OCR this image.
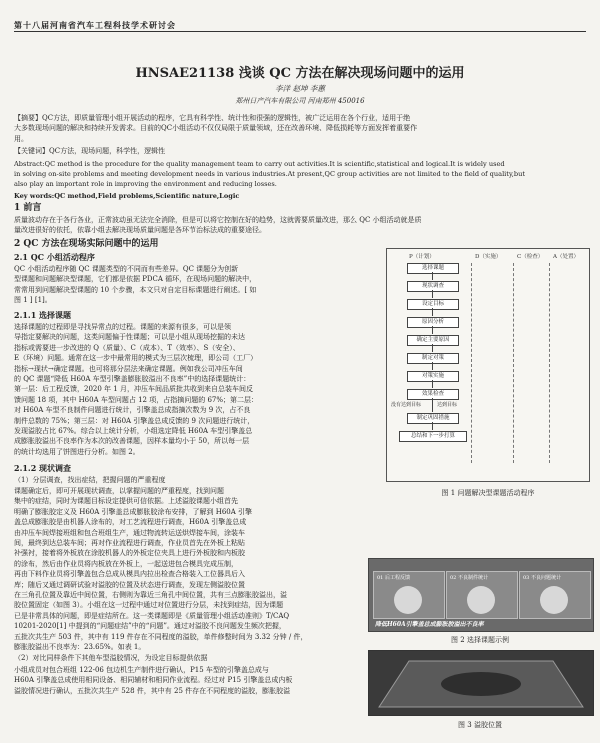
第十八届河南省汽车工程科技学术研讨会
HNSAE21138 浅谈 QC 方法在解决现场问题中的运用
李洋 赵坤 李蕙
郑州日产汽车有限公司 河南郑州 450016
【摘要】QC方法，即质量管理小组开展活动的程序，它具有科学性、统计性和很强的逻辑性，被广泛运用在各个行业，适用于绝
大多数现场问题的解决和持续开发需求。目前的QC小组活动不仅仅局限于质量领域，还在改善环境、降低损耗等方面发挥着重要作
用。
【关键词】QC方法，现场问题，科学性，逻辑性
Abstract:QC method is the procedure for the quality management team to carry out activities.It is scientific,statistical and logical.It is widely used
in solving on-site problems and meeting development needs in various industries.At present,QC group activities are not limited to the field of quality,but
also play an important role in improving the environment and reducing losses.
Key words:QC method,Field problems,Scientific nature,Logic
1 前言
质量波动存在于各行各业，正常波动虽无法完全消除，但是可以将它控制在好的趋势，这就需要质量改进，那么 QC 小组活动就是质
量改进很好的依托，依靠小组去解决现场质量问题是各环节治标法成的重要途径。
2 QC 方法在现场实际问题中的运用
2.1 QC 小组活动程序
QC 小组活动程序随 QC 课题类型的不同而有些差异。QC 课题分为创新
型课题和问题解决型课题，它们都是依据 PDCA 循环，在现场问题的解决中，
常常用到问题解决型课题的 10 个步骤，本文只对自定目标课题进行阐述。[ 如
图 1 ] [1]。
2.1.1 选择课题
选择课题的过程即是寻找异常点的过程。课题的来源有很多，可以是领
导指定要解决的问题，这类问题偏于性课题；可以是小组从现场挖掘的未达
指标或需要进一步改进的 Q（质量）、C（成本）、T（效率）、S（安全）、
E（环境）问题。通常在这一步中最常用的模式为三层次梳理，即公司（工厂）
指标→现状→确定课题。也可将那分层法来确定课题。例如我公司冲压车间
的 QC 课题“降低 H60A 车型引擎盖膨胀胶溢出不良率”中的选择课题统计：
第一层：后工程反馈，2020 年 1 月，冲压车间品质批共收到来自总装车间反
馈问题 18 项，其中 H60A 车型问题占 12 项，占指摘问题的 67%；第二层：
对 H60A 车型不良制件问题进行统计，引擎盖总成指摘次数为 9 次，占不良
制件总数的 75%；第三层：对 H60A 引擎盖总成反馈的 9 次问题进行统计，
发现溢胶占比 67%。综合以上统计分析，小组选定降低 H60A 车型引擎盖总
成膨胀胶溢出不良率作为本次的改善课题，因样本量均小于 50，所以每一层
的统计均选用了饼图进行分析。如图 2。
2.1.2 现状调查
（1）分层调查，找出症结，把握问题的严重程度
课题确定后，即可开展现状调查，以掌握问题的严重程度，找到问题
集中的症结，同时为课题目标设定提供可信依据。上述溢胶课题小组首先
明确了膨胀胶定义及 H60A 引擎盖总成膨胀胶涂布安排，了解到 H60A 引擎
盖总成膨胀胶是由机器人涂布的，对工艺流程进行调查，H60A 引擎盖总成
由冲压车间焊接班组和包合班组生产，通过物流转运送烘焊接车间，涂装车
间，最终到达总装车间；再对作业流程进行调查，作业员首先在外板上粘贴
补强衬，接着将外板放在涂胶机器人的外板定位夹具上进行外板胶和内板胶
的涂布，然后由作业员将内板放在外板上，一起送进包合模具完成压制，
再由下料作业员将引擎盖包合总成从模具内拉出检查合格装入工位器具后入
库；随后又通过调研试验对溢胶的位置及状态进行调查，发现左侧溢胶位置
在三角孔位置及靠近中间位置，右侧则为靠近三角孔中间位置，共有三点膨胀胶溢出，溢
胶位置固定（如图 3）。小组在这一过程中通过对位置进行分层，未找到症结，因为课题
已是非常具体的问题，即是症结所在。这一类课题即是《质量管理小组活动准则》T/CAQ
10201-2020[1] 中提到的“问题症结”中的“问题”。通过对溢胶不良问题发生频次把握，
五批次共生产 503 件，其中有 119 件存在不同程度的溢胶，单件修整时间为 3.32 分钟 / 件，
膨胀胶溢出不良率为：23.65%。如表 1。
（2）对比同样条件下其他车型溢胶情况，为设定目标提供依据
小组成员对包合班组 122-06 包边机生产制件进行确认，P15 车型的引擎盖总成与
H60A 引擎盖总成使用相同设备、相同辅材和相同作业流程。经过对 P15 引擎盖总成内板
溢胶情况进行确认，五批次共生产 528 件，其中有 25 件存在不同程度的溢胶，膨胀胶溢
P（计划）	D（实施）	C（检查） A（处置）
选择课题
现状调查
设定目标
原因分析
确定主要原因
制定对策
对策实施
效果检查
没有达到目标	达到目标
制定巩固措施
总结和下一步打算
图 1 问题解决型课题活动程序
01 后工程反馈	02 不良制件统计	03 不良问题统计
降低H60A引擎盖总成膨胀胶溢出不良率
图 2 选择课题示例
图 3 溢胶位置
